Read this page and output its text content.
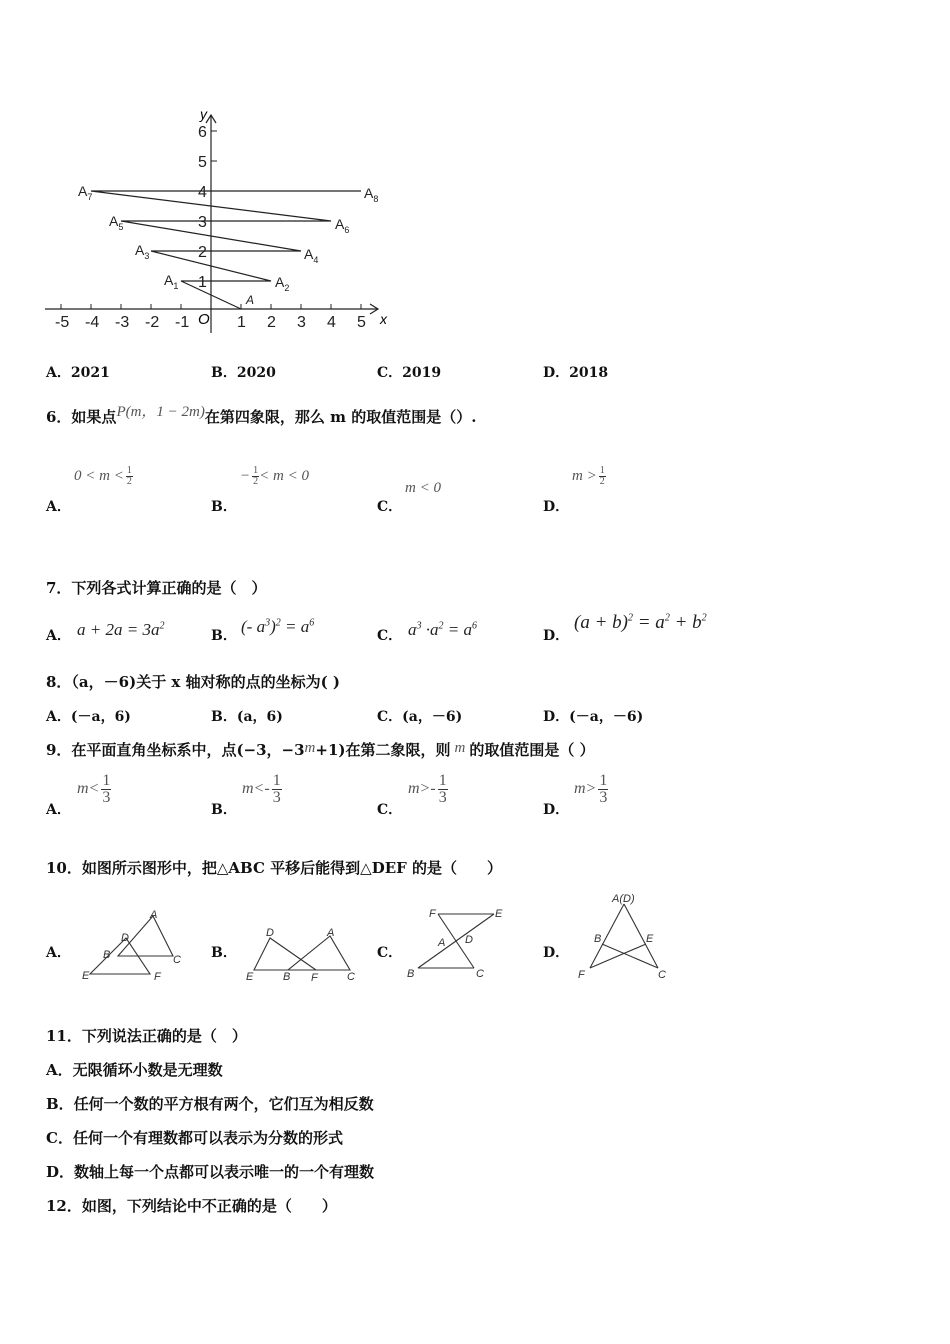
-5 -4 -3 -2 -1	1 2 3 4 5
1
2
3
4
5
6
O	x
y
A
$A_1$	$A_2$
$A_3$	$A_4$
$A_5$	$A_6$
$A_7$	$A_8$
A．2021	B．2020	C．2019	D．2018
6．如果点P(m，1 − 2m)在第四象限，那么 m 的取值范围是（）.
A．
$0 < m < \frac{1}{2}$
B．
− $\frac{1}{2} < m < 0$
C．
m < 0
D．
$m > \frac{1}{2}$
7．下列各式计算正确的是（　）
A． $a + 2a = 3a^2$
B． (- $a^3)^2 = a^6$
C． $a^3 \cdot a^2 = a^6$
D．
$(a + b)^2 = a^2 + b^2$
8．（a，－6)关于 x 轴对称的点的坐标为( )
A．(－a，6)	B．(a，6)	C．(a，－6)	D．(－a，－6)
9．在平面直角坐标系中，点(−3，−3m+1)在第二象限，则 m 的取值范围是（ ）
A．
$m< \frac{1}{3}$
B．
$m<- \frac{1}{3}$
C．
$m>- \frac{1}{3}$
D．
$m> \frac{1}{3}$
10．如图所示图形中，把△ABC 平移后能得到△DEF 的是（　　）
A．
A
D
B	C
E	F
B．
D	A
E	B F	C
C．
F	E
A D
B	C
D．
A(D)
B	E
F	C
11．下列说法正确的是（　）
A．无限循环小数是无理数
B．任何一个数的平方根有两个，它们互为相反数
C．任何一个有理数都可以表示为分数的形式
D．数轴上每一个点都可以表示唯一的一个有理数
12．如图，下列结论中不正确的是（　　）
